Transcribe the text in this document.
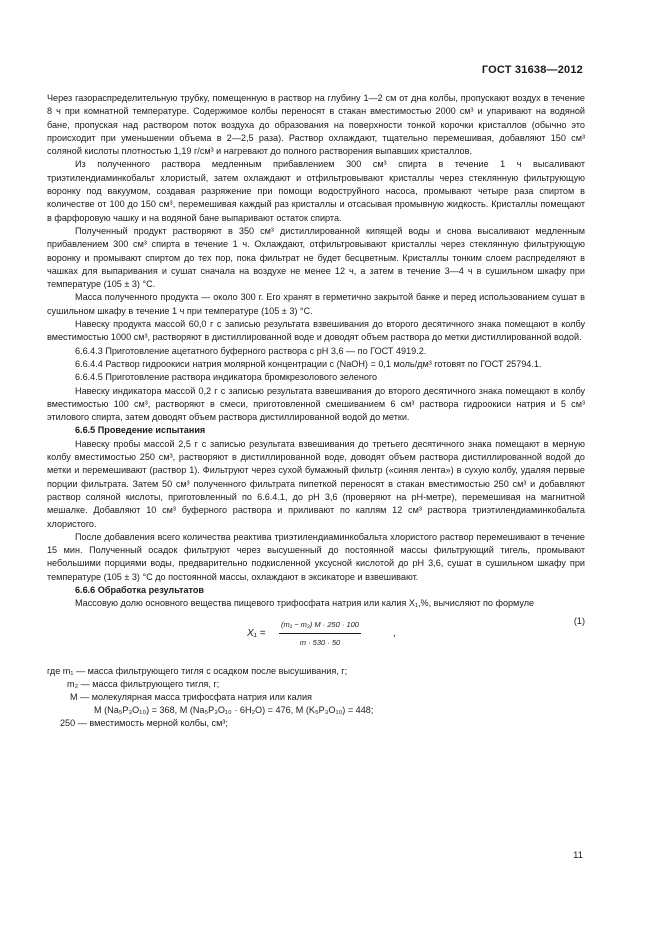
ГОСТ 31638—2012

Через газораспределительную трубку, помещенную в раствор на глубину 1—2 см от дна колбы, пропускают воздух в течение 8 ч при комнатной температуре. Содержимое колбы переносят в стакан вместимостью 2000 см³ и упаривают на водяной бане, пропуская над раствором поток воздуха до образования на поверхности тонкой корочки кристаллов (обычно это происходит при уменьшении объема в 2—2,5 раза). Раствор охлаждают, тщательно перемешивая, добавляют 150 см³ соляной кислоты плотностью 1,19 г/см³ и нагревают до полного растворения выпавших кристаллов.

Из полученного раствора медленным прибавлением 300 см³ спирта в течение 1 ч высаливают триэтилендиаминкобальт хлористый, затем охлаждают и отфильтровывают кристаллы через стеклянную фильтрующую воронку под вакуумом, создавая разряжение при помощи водоструйного насоса, промывают четыре раза спиртом в количестве от 100 до 150 см³, перемешивая каждый раз кристаллы и отсасывая промывную жидкость. Кристаллы помещают в фарфоровую чашку и на водяной бане выпаривают остаток спирта.

Полученный продукт растворяют в 350 см³ дистиллированной кипящей воды и снова высаливают медленным прибавлением 300 см³ спирта в течение 1 ч. Охлаждают, отфильтровывают кристаллы через стеклянную фильтрующую воронку и промывают спиртом до тех пор, пока фильтрат не будет бесцветным. Кристаллы тонким слоем распределяют в чашках для выпаривания и сушат сначала на воздухе не менее 12 ч, а затем в течение 3—4 ч в сушильном шкафу при температуре (105 ± 3) °С.

Масса полученного продукта — около 300 г. Его хранят в герметично закрытой банке и перед использованием сушат в сушильном шкафу в течение 1 ч при температуре (105 ± 3) °С.

Навеску продукта массой 60,0 г с записью результата взвешивания до второго десятичного знака помещают в колбу вместимостью 1000 см³, растворяют в дистиллированной воде и доводят объем раствора до метки дистиллированной водой.

6.6.4.3 Приготовление ацетатного буферного раствора с pH 3,6 — по ГОСТ 4919.2.

6.6.4.4 Раствор гидроокиси натрия молярной концентрации c (NaOH) = 0,1 моль/дм³ готовят по ГОСТ 25794.1.

6.6.4.5 Приготовление раствора индикатора бромкрезолового зеленого

Навеску индикатора массой 0,2 г с записью результата взвешивания до второго десятичного знака помещают в колбу вместимостью 100 см³, растворяют в смеси, приготовленной смешиванием 6 см³ раствора гидроокиси натрия и 5 см³ этилового спирта, затем доводят объем раствора дистиллированной водой до метки.

6.6.5 Проведение испытания

Навеску пробы массой 2,5 г с записью результата взвешивания до третьего десятичного знака помещают в мерную колбу вместимостью 250 см³, растворяют в дистиллированной воде, доводят объем раствора дистиллированной водой до метки и перемешивают (раствор 1). Фильтруют через сухой бумажный фильтр («синяя лента») в сухую колбу, удаляя первые порции фильтрата. Затем 50 см³ полученного фильтрата пипеткой переносят в стакан вместимостью 250 см³ и добавляют раствор соляной кислоты, приготовленный по 6.6.4.1, до pH 3,6 (проверяют на pH-метре), перемешивая на магнитной мешалке. Добавляют 10 см³ буферного раствора и приливают по каплям 12 см³ раствора триэтилендиаминкобальта хлористого.

После добавления всего количества реактива триэтилендиаминкобальта хлористого раствор перемешивают в течение 15 мин. Полученный осадок фильтруют через высушенный до постоянной массы фильтрующий тигель, промывают небольшими порциями воды, предварительно подкисленной уксусной кислотой до pH 3,6, сушат в сушильном шкафу при температуре (105 ± 3) °С до постоянной массы, охлаждают в эксикаторе и взвешивают.

6.6.6 Обработка результатов

Массовую долю основного вещества пищевого трифосфата натрия или калия X₁,%, вычисляют по формуле

$X_1 = \frac{\text{(m₁ − m₂) M · 250 · 100}}{m \cdot 530 \cdot 50}$	,
(1)
где m₁ — масса фильтрующего тигля с осадком после высушивания, г;
m₂ — масса фильтрующего тигля, г;
M — молекулярная масса трифосфата натрия или калия
M (Na₅P₃O₁₀) = 368, M (Na₅P₃O₁₀ · 6H₂O) = 476, M (K₅P₃O₁₀) = 448;
250 — вместимость мерной колбы, см³;
11
